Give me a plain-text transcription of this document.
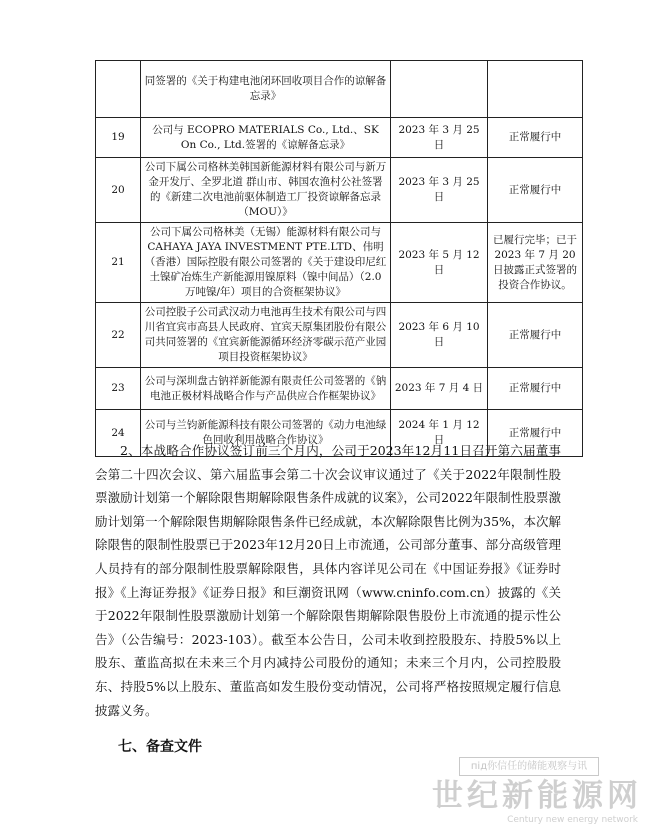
	同签署的《关于构建电池闭环回收项目合作的谅解备忘录》		
19	公司与 ECOPRO MATERIALS Co., Ltd.、SK On Co., Ltd.签署的《谅解备忘录》	2023 年 3 月 25 日	正常履行中
20	公司下属公司格林美韩国新能源材料有限公司与新万金开发厅、全罗北道 群山市、韩国农渔村公社签署的《新建二次电池前驱体制造工厂投资谅解备忘录（MOU）》	2023 年 3 月 25 日	正常履行中
21	公司下属公司格林美（无锡）能源材料有限公司与 CAHAYA JAYA INVESTMENT PTE.LTD、伟明（香港）国际控股有限公司签署的《关于建设印尼红土镍矿冶炼生产新能源用镍原料（镍中间品）（2.0 万吨镍/年）项目的合资框架协议》	2023 年 5 月 12 日	已履行完毕；已于 2023 年 7 月 20 日披露正式签署的投资合作协议。
22	公司控股子公司武汉动力电池再生技术有限公司与四川省宜宾市高县人民政府、宜宾天原集团股份有限公司共同签署的《宜宾新能源循环经济零碳示范产业园项目投资框架协议》	2023 年 6 月 10 日	正常履行中
23	公司与深圳盘古钠祥新能源有限责任公司签署的《钠电池正极材料战略合作与产品供应合作框架协议》	2023 年 7 月 4 日	正常履行中
24	公司与兰钧新能源科技有限公司签署的《动力电池绿色回收利用战略合作协议》	2024 年 1 月 12 日	正常履行中

2、本战略合作协议签订前三个月内，公司于2023年12月11日召开第六届董事会第二十四次会议、第六届监事会第二十次会议审议通过了《关于2022年限制性股票激励计划第一个解除限售期解除限售条件成就的议案》，公司2022年限制性股票激励计划第一个解除限售期解除限售条件已经成就，本次解除限售比例为35%，本次解除限售的限制性股票已于2023年12月20日上市流通，公司部分董事、部分高级管理人员持有的部分限制性股票解除限售，具体内容详见公司在《中国证券报》《证券时报》《上海证券报》《证券日报》和巨潮资讯网（www.cninfo.com.cn）披露的《关于2022年限制性股票激励计划第一个解除限售期解除限售股份上市流通的提示性公告》（公告编号：2023-103）。截至本公告日，公司未收到控股股东、持股5%以上股东、董监高拟在未来三个月内减持公司股份的通知；未来三个月内，公司控股股东、持股5%以上股东、董监高如发生股份变动情况，公司将严格按照规定履行信息披露义务。

七、备查文件

під你信任的储能观察与讯
世纪新能源网
Century new energy network
